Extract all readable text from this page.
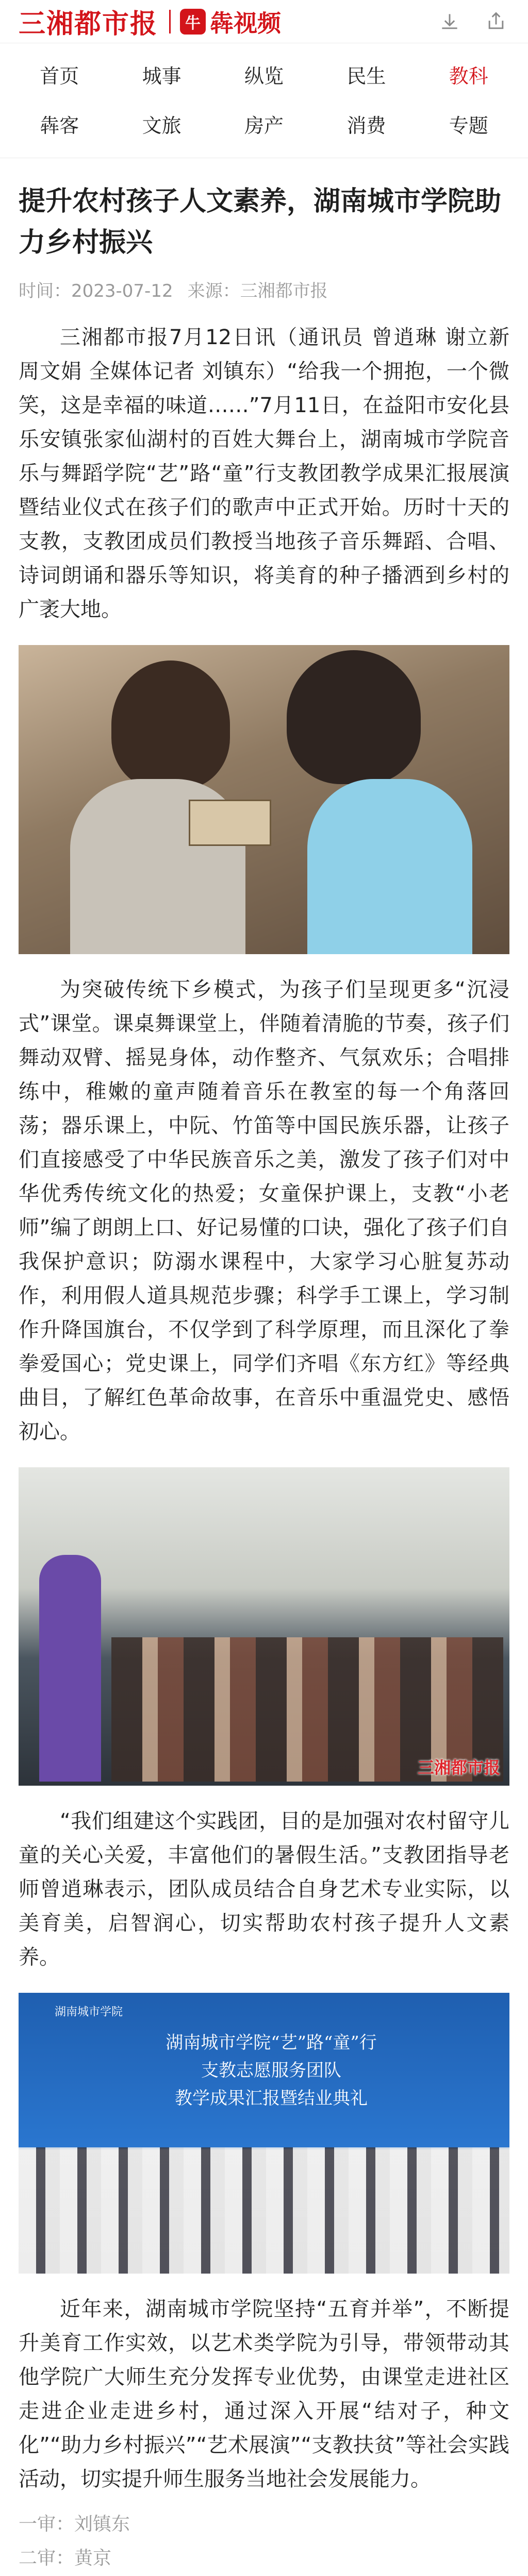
三湘都市报	牛 犇视频
首页	城事	纵览	民生	教科
犇客	文旅	房产	消费	专题
提升农村孩子人文素养，湖南城市学院助力乡村振兴
时间：2023-07-12 来源：三湘都市报

三湘都市报7月12日讯（通讯员 曾逍琳 谢立新 周文娟 全媒体记者 刘镇东）“给我一个拥抱，一个微笑，这是幸福的味道……”7月11日，在益阳市安化县乐安镇张家仙湖村的百姓大舞台上，湖南城市学院音乐与舞蹈学院“艺”路“童”行支教团教学成果汇报展演暨结业仪式在孩子们的歌声中正式开始。历时十天的支教，支教团成员们教授当地孩子音乐舞蹈、合唱、诗词朗诵和器乐等知识，将美育的种子播洒到乡村的广袤大地。

为突破传统下乡模式，为孩子们呈现更多“沉浸式”课堂。课桌舞课堂上，伴随着清脆的节奏，孩子们舞动双臂、摇晃身体，动作整齐、气氛欢乐；合唱排练中，稚嫩的童声随着音乐在教室的每一个角落回荡；器乐课上，中阮、竹笛等中国民族乐器，让孩子们直接感受了中华民族音乐之美，激发了孩子们对中华优秀传统文化的热爱；女童保护课上，支教“小老师”编了朗朗上口、好记易懂的口诀，强化了孩子们自我保护意识；防溺水课程中，大家学习心脏复苏动作，利用假人道具规范步骤；科学手工课上，学习制作升降国旗台，不仅学到了科学原理，而且深化了拳拳爱国心；党史课上，同学们齐唱《东方红》等经典曲目，了解红色革命故事，在音乐中重温党史、感悟初心。

三湘都市报

“我们组建这个实践团，目的是加强对农村留守儿童的关心关爱，丰富他们的暑假生活。”支教团指导老师曾逍琳表示，团队成员结合自身艺术专业实际，以美育美，启智润心，切实帮助农村孩子提升人文素养。

湖南城市学院
湖南城市学院“艺”路“童”行
支教志愿服务团队
教学成果汇报暨结业典礼

近年来，湖南城市学院坚持“五育并举”，不断提升美育工作实效，以艺术类学院为引导，带领带动其他学院广大师生充分发挥专业优势，由课堂走进社区走进企业走进乡村，通过深入开展“结对子，种文化”“助力乡村振兴”“艺术展演”“支教扶贫”等社会实践活动，切实提升师生服务当地社会发展能力。

一审：刘镇东
二审：黄京
